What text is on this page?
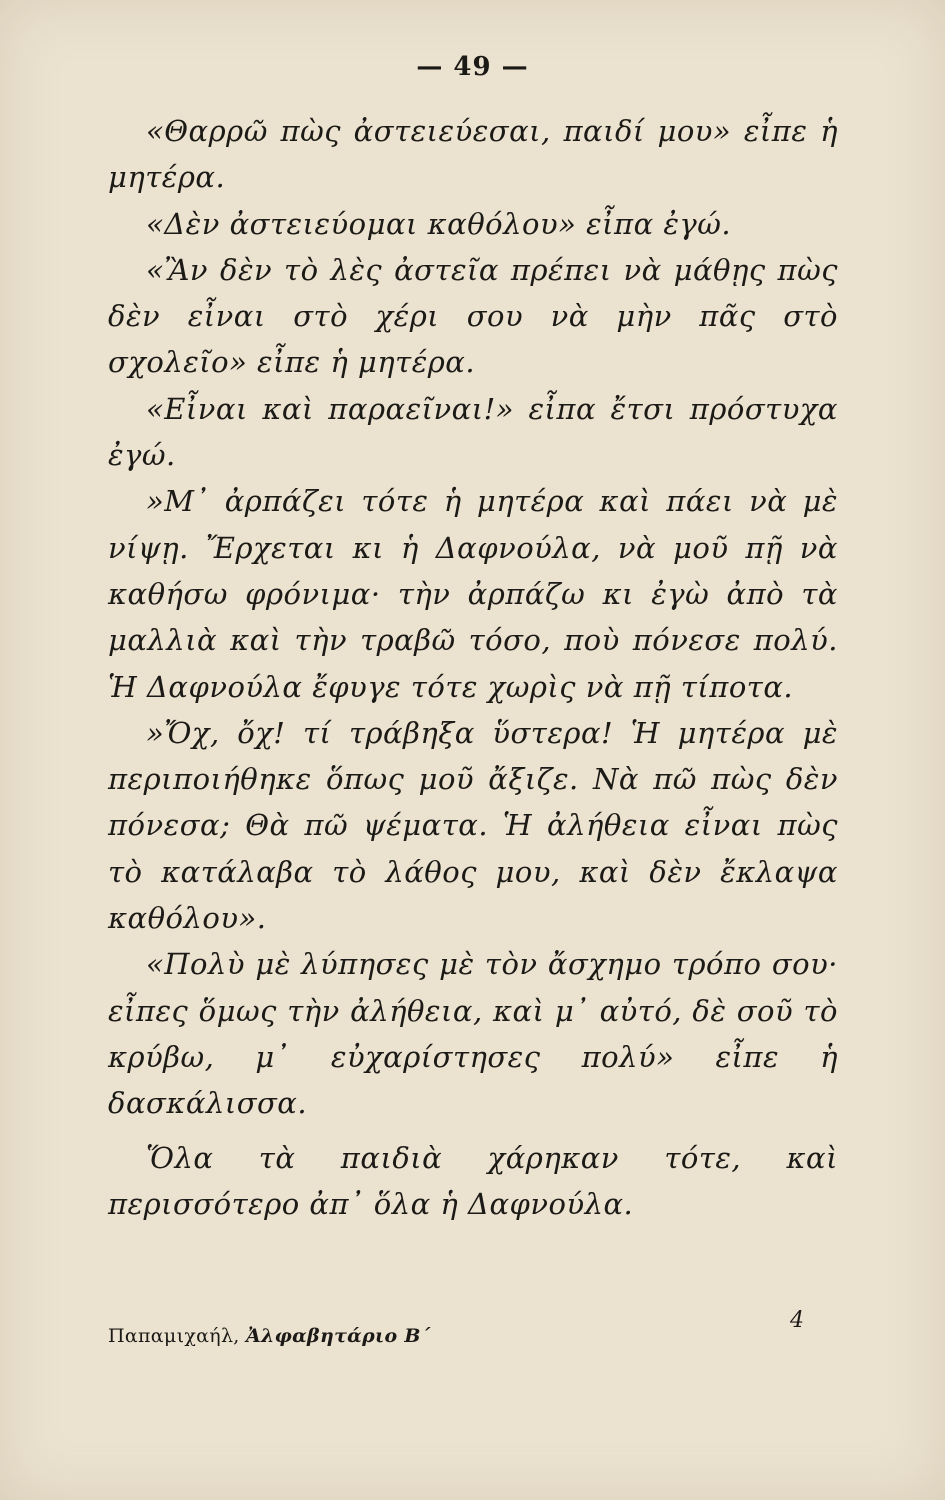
— 49 —

«Θαρρῶ πὼς ἀστειεύεσαι, παιδί μου» εἶπε ἡ μητέρα.

«Δὲν ἀστειεύομαι καθόλου» εἶπα ἐγώ.

«Ἂν δὲν τὸ λὲς ἀστεῖα πρέπει νὰ μάθῃς πὼς δὲν εἶναι στὸ χέρι σου νὰ μὴν πᾶς στὸ σχολεῖο» εἶπε ἡ μητέρα.

«Εἶναι καὶ παραεῖναι!» εἶπα ἔτσι πρόστυχα ἐγώ.

»Μ᾽ ἀρπάζει τότε ἡ μητέρα καὶ πάει νὰ μὲ νίψῃ. Ἔρχεται κι ἡ Δαφνούλα, νὰ μοῦ πῇ νὰ καθήσω φρόνιμα· τὴν ἀρπάζω κι ἐγὼ ἀπὸ τὰ μαλλιὰ καὶ τὴν τραβῶ τόσο, ποὺ πόνεσε πολύ. Ἡ Δαφνούλα ἔφυγε τότε χωρὶς νὰ πῇ τίποτα.

»Ὄχ, ὄχ! τί τράβηξα ὕστερα! Ἡ μητέρα μὲ περιποιήθηκε ὅπως μοῦ ἄξιζε. Νὰ πῶ πὼς δὲν πόνεσα; Θὰ πῶ ψέματα. Ἡ ἀλήθεια εἶναι πὼς τὸ κατάλαβα τὸ λάθος μου, καὶ δὲν ἔκλαψα καθόλου».

«Πολὺ μὲ λύπησες μὲ τὸν ἄσχημο τρόπο σου· εἶπες ὅμως τὴν ἀλήθεια, καὶ μ᾽ αὐτό, δὲ σοῦ τὸ κρύβω, μ᾽ εὐχαρίστησες πολύ» εἶπε ἡ δασκάλισσα.

Ὅλα τὰ παιδιὰ χάρηκαν τότε, καὶ περισσότερο ἀπ᾽ ὅλα ἡ Δαφνούλα.

Παπαμιχαήλ, Ἀλφαβητάριο Β΄
4
